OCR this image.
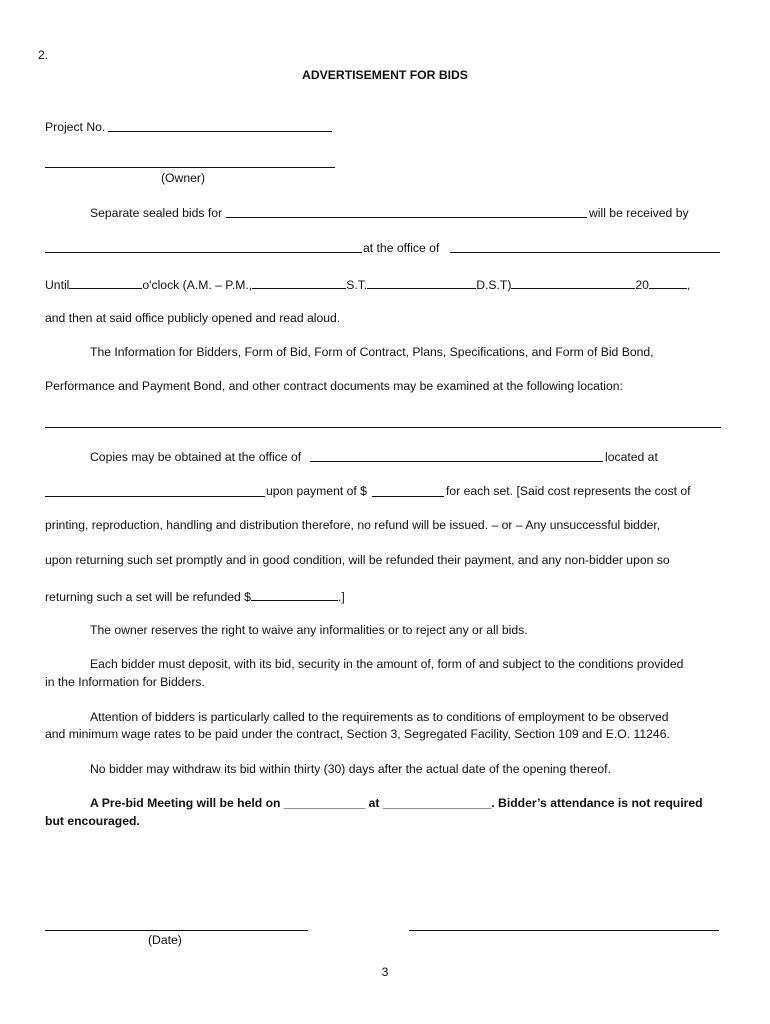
2.
ADVERTISEMENT FOR BIDS
Project No.
(Owner)
Separate sealed bids for	will be received by
at the office of
Until	o'clock (A.M. – P.M.,	S.T.	D.S.T)	20	,
and then at said office publicly opened and read aloud.
The Information for Bidders, Form of Bid, Form of Contract, Plans, Specifications, and Form of Bid Bond,
Performance and Payment Bond, and other contract documents may be examined at the following location:
Copies may be obtained at the office of	located at
upon payment of $	for each set. [Said cost represents the cost of
printing, reproduction, handling and distribution therefore, no refund will be issued. – or – Any unsuccessful bidder,
upon returning such set promptly and in good condition, will be refunded their payment, and any non-bidder upon so
returning such a set will be refunded $	.]
The owner reserves the right to waive any informalities or to reject any or all bids.
Each bidder must deposit, with its bid, security in the amount of, form of and subject to the conditions provided
in the Information for Bidders.
Attention of bidders is particularly called to the requirements as to conditions of employment to be observed
and minimum wage rates to be paid under the contract, Section 3, Segregated Facility, Section 109 and E.O. 11246.
No bidder may withdraw its bid within thirty (30) days after the actual date of the opening thereof.
A Pre-bid Meeting will be held on ____________ at ________________. Bidder’s attendance is not required
but encouraged.
(Date)
3
